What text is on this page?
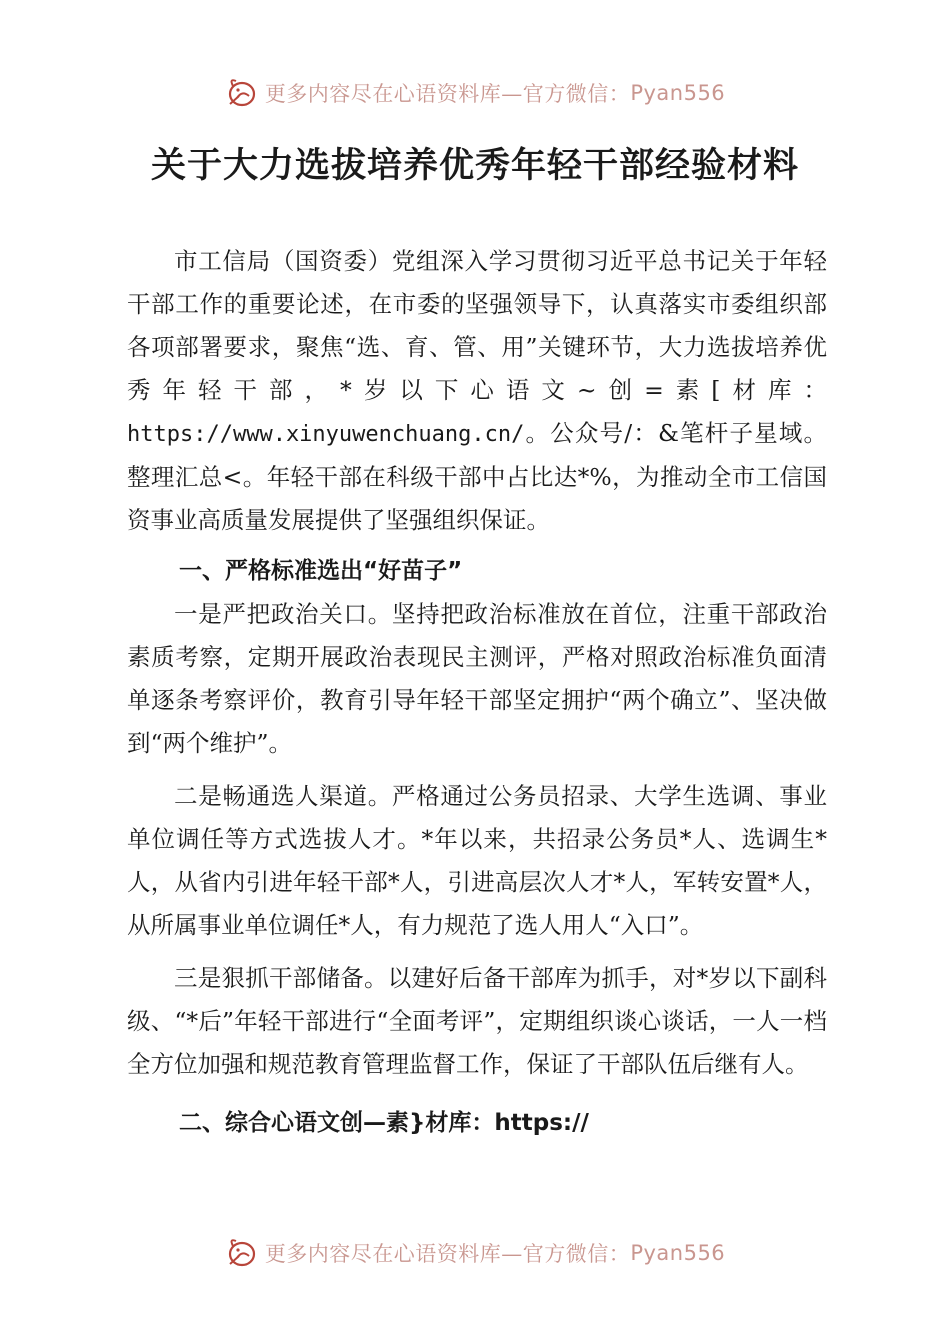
更多内容尽在心语资料库—官方微信： Pyan556
关于大力选拔培养优秀年轻干部经验材料

市工信局（国资委）党组深入学习贯彻习近平总书记关于年轻干部工作的重要论述，在市委的坚强领导下，认真落实市委组织部各项部署要求，聚焦“选、育、管、用”关键环节，大力选拔培养优秀年轻干部，*岁以下心语文~创=素[材库：https://www.xinyuwenchuang.cn/。公众号/：&笔杆子星域。整理汇总<。年轻干部在科级干部中占比达*%，为推动全市工信国资事业高质量发展提供了坚强组织保证。

一、严格标准选出“好苗子”

一是严把政治关口。坚持把政治标准放在首位，注重干部政治素质考察，定期开展政治表现民主测评，严格对照政治标准负面清单逐条考察评价，教育引导年轻干部坚定拥护“两个确立”、坚决做到“两个维护”。

二是畅通选人渠道。严格通过公务员招录、大学生选调、事业单位调任等方式选拔人才。*年以来，共招录公务员*人、选调生*人，从省内引进年轻干部*人，引进高层次人才*人，军转安置*人，从所属事业单位调任*人，有力规范了选人用人“入口”。

三是狠抓干部储备。以建好后备干部库为抓手，对*岁以下副科级、“*后”年轻干部进行“全面考评”，定期组织谈心谈话，一人一档全方位加强和规范教育管理监督工作，保证了干部队伍后继有人。

二、综合心语文创—素}材库：https://
更多内容尽在心语资料库—官方微信： Pyan556
